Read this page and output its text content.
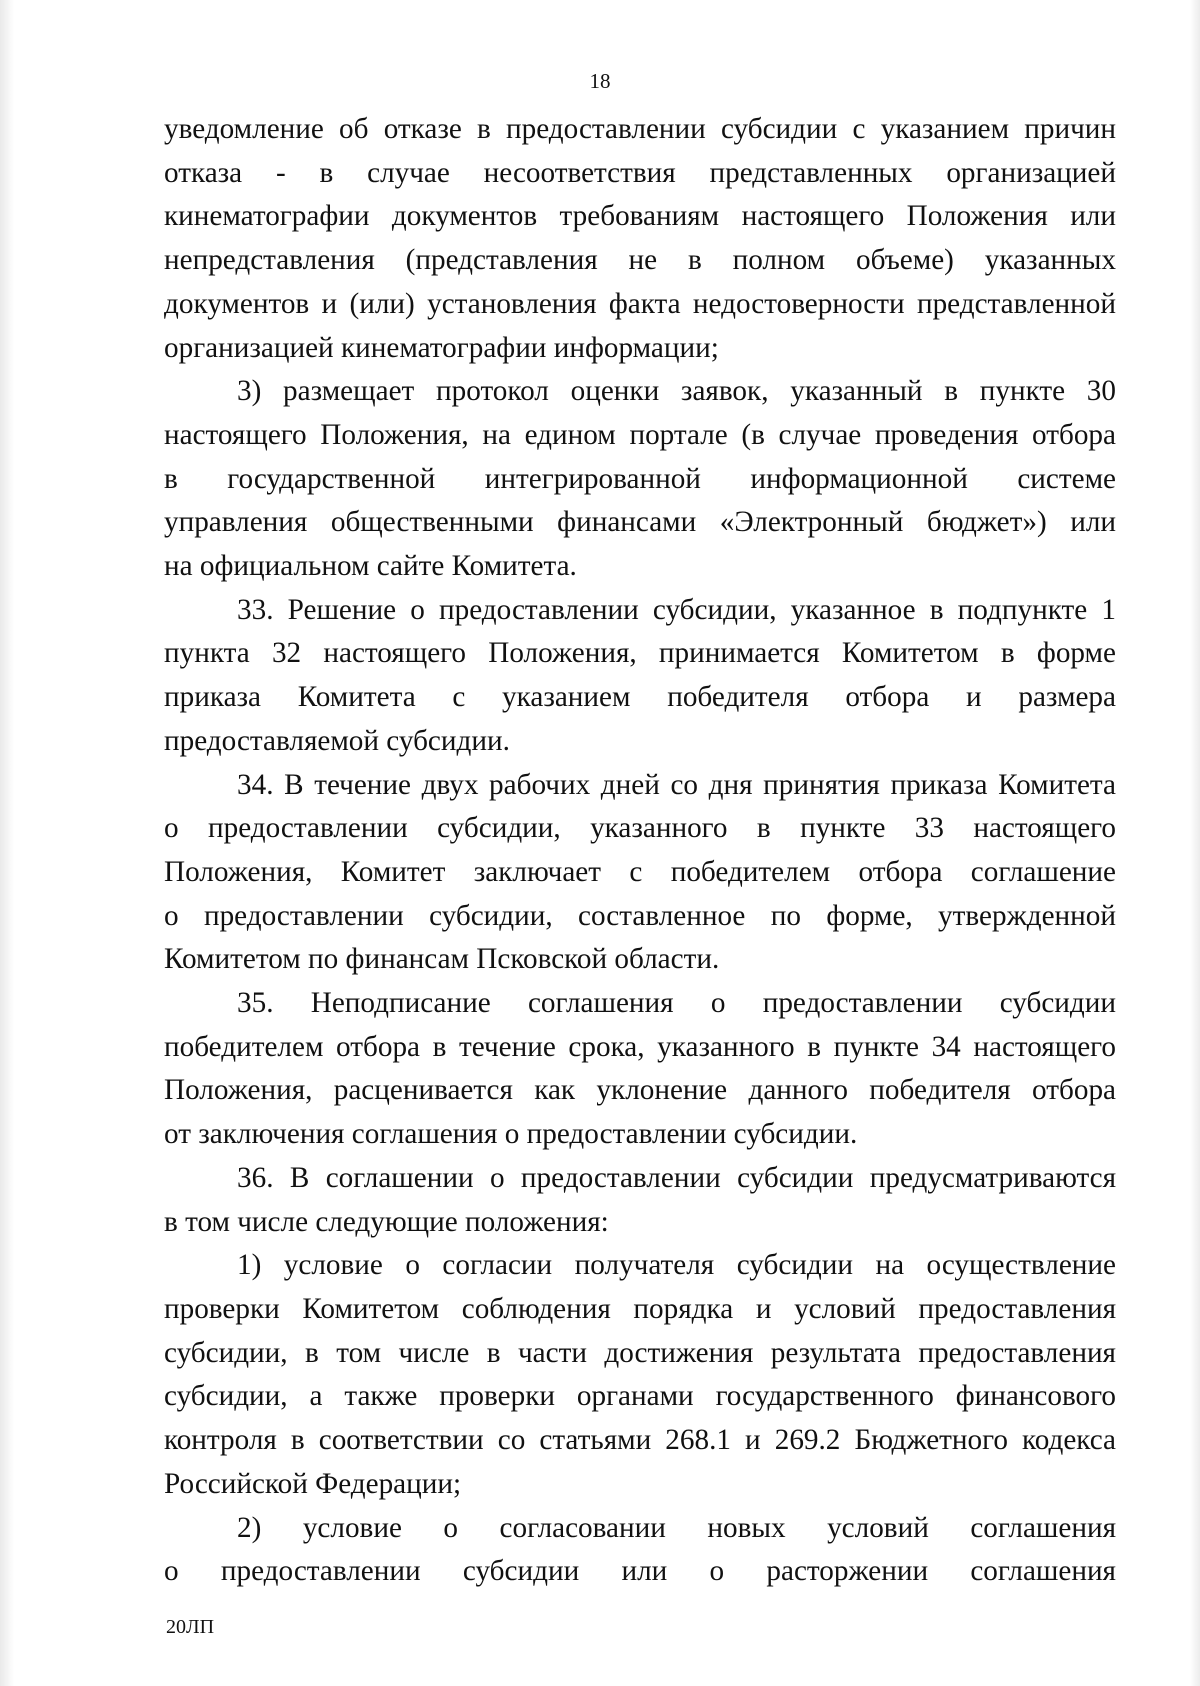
18
уведомление об отказе в предоставлении субсидии с указанием причин
отказа - в случае несоответствия представленных организацией
кинематографии документов требованиям настоящего Положения или
непредставления (представления не в полном объеме) указанных
документов и (или) установления факта недостоверности представленной
организацией кинематографии информации;
3) размещает протокол оценки заявок, указанный в пункте 30
настоящего Положения, на едином портале (в случае проведения отбора
в государственной интегрированной информационной системе
управления общественными финансами «Электронный бюджет») или
на официальном сайте Комитета.
33. Решение о предоставлении субсидии, указанное в подпункте 1
пункта 32 настоящего Положения, принимается Комитетом в форме
приказа Комитета с указанием победителя отбора и размера
предоставляемой субсидии.
34. В течение двух рабочих дней со дня принятия приказа Комитета
о предоставлении субсидии, указанного в пункте 33 настоящего
Положения, Комитет заключает с победителем отбора соглашение
о предоставлении субсидии, составленное по форме, утвержденной
Комитетом по финансам Псковской области.
35. Неподписание соглашения о предоставлении субсидии
победителем отбора в течение срока, указанного в пункте 34 настоящего
Положения, расценивается как уклонение данного победителя отбора
от заключения соглашения о предоставлении субсидии.
36. В соглашении о предоставлении субсидии предусматриваются
в том числе следующие положения:
1) условие о согласии получателя субсидии на осуществление
проверки Комитетом соблюдения порядка и условий предоставления
субсидии, в том числе в части достижения результата предоставления
субсидии, а также проверки органами государственного финансового
контроля в соответствии со статьями 268.1 и 269.2 Бюджетного кодекса
Российской Федерации;
2) условие о согласовании новых условий соглашения
о предоставлении субсидии или о расторжении соглашения
20ЛП
